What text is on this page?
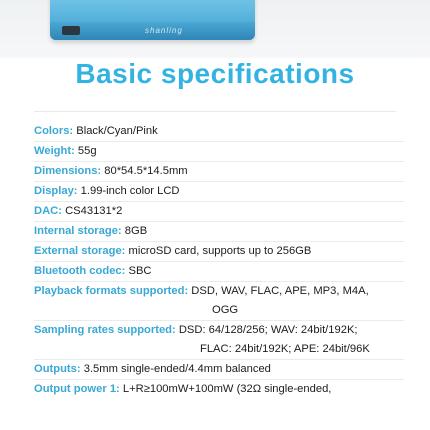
shanling
Basic specifications
Colors: Black/Cyan/Pink
Weight: 55g
Dimensions: 80*54.5*14.5mm
Display: 1.99-inch color LCD
DAC: CS43131*2
Internal storage: 8GB
External storage: microSD card, supports up to 256GB
Bluetooth codec: SBC
Playback formats supported: DSD, WAV, FLAC, APE, MP3, M4A,
OGG
Sampling rates supported: DSD: 64/128/256; WAV: 24bit/192K;
FLAC: 24bit/192K; APE: 24bit/96K
Outputs: 3.5mm single-ended/4.4mm balanced
Output power 1: L+R≥100mW+100mW (32Ω single-ended,
